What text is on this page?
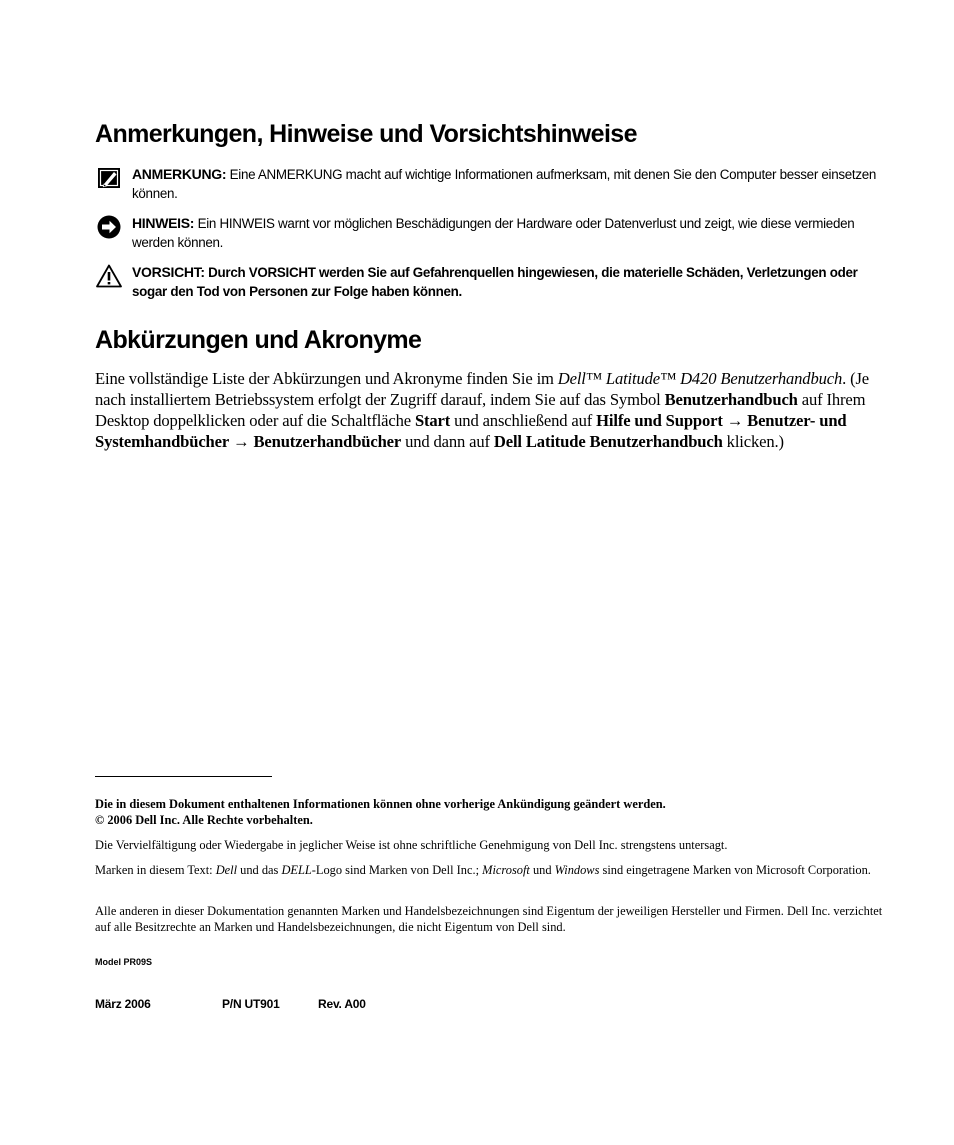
Anmerkungen, Hinweise und Vorsichtshinweise
ANMERKUNG: Eine ANMERKUNG macht auf wichtige Informationen aufmerksam, mit denen Sie den Computer besser einsetzen können.
HINWEIS: Ein HINWEIS warnt vor möglichen Beschädigungen der Hardware oder Datenverlust und zeigt, wie diese vermieden werden können.
VORSICHT: Durch VORSICHT werden Sie auf Gefahrenquellen hingewiesen, die materielle Schäden, Verletzungen oder sogar den Tod von Personen zur Folge haben können.
Abkürzungen und Akronyme

Eine vollständige Liste der Abkürzungen und Akronyme finden Sie im Dell™ Latitude™ D420 Benutzerhandbuch. (Je nach installiertem Betriebssystem erfolgt der Zugriff darauf, indem Sie auf das Symbol Benutzerhandbuch auf Ihrem Desktop doppelklicken oder auf die Schaltfläche Start und anschließend auf Hilfe und Support → Benutzer- und Systemhandbücher → Benutzerhandbücher und dann auf Dell Latitude Benutzerhandbuch klicken.)

Die in diesem Dokument enthaltenen Informationen können ohne vorherige Ankündigung geändert werden.
© 2006 Dell Inc. Alle Rechte vorbehalten.

Die Vervielfältigung oder Wiedergabe in jeglicher Weise ist ohne schriftliche Genehmigung von Dell Inc. strengstens untersagt.

Marken in diesem Text: Dell und das DELL-Logo sind Marken von Dell Inc.; Microsoft und Windows sind eingetragene Marken von Microsoft Corporation.

Alle anderen in dieser Dokumentation genannten Marken und Handelsbezeichnungen sind Eigentum der jeweiligen Hersteller und Firmen. Dell Inc. verzichtet auf alle Besitzrechte an Marken und Handelsbezeichnungen, die nicht Eigentum von Dell sind.

Model PR09S
März 2006	P/N UT901	Rev. A00
